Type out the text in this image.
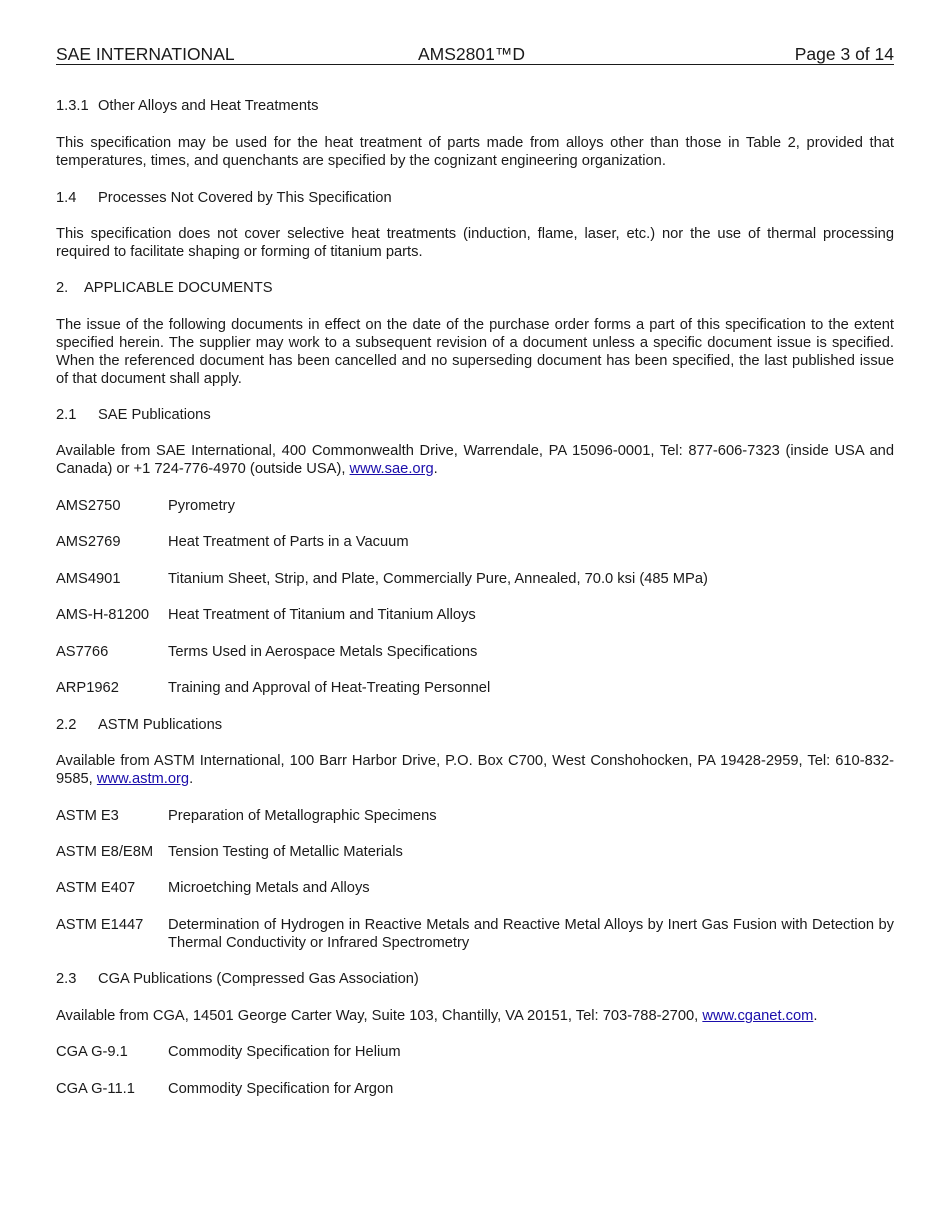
SAE INTERNATIONAL	AMS2801™D	Page 3 of 14
1.3.1 Other Alloys and Heat Treatments
This specification may be used for the heat treatment of parts made from alloys other than those in Table 2, provided that temperatures, times, and quenchants are specified by the cognizant engineering organization.
1.4 Processes Not Covered by This Specification
This specification does not cover selective heat treatments (induction, flame, laser, etc.) nor the use of thermal processing required to facilitate shaping or forming of titanium parts.
2. APPLICABLE DOCUMENTS
The issue of the following documents in effect on the date of the purchase order forms a part of this specification to the extent specified herein. The supplier may work to a subsequent revision of a document unless a specific document issue is specified. When the referenced document has been cancelled and no superseding document has been specified, the last published issue of that document shall apply.
2.1 SAE Publications
Available from SAE International, 400 Commonwealth Drive, Warrendale, PA 15096-0001, Tel: 877-606-7323 (inside USA and Canada) or +1 724-776-4970 (outside USA), www.sae.org.
AMS2750	Pyrometry
AMS2769	Heat Treatment of Parts in a Vacuum
AMS4901	Titanium Sheet, Strip, and Plate, Commercially Pure, Annealed, 70.0 ksi (485 MPa)
AMS-H-81200 Heat Treatment of Titanium and Titanium Alloys
AS7766	Terms Used in Aerospace Metals Specifications
ARP1962	Training and Approval of Heat-Treating Personnel
2.2 ASTM Publications
Available from ASTM International, 100 Barr Harbor Drive, P.O. Box C700, West Conshohocken, PA 19428-2959, Tel: 610-832-9585, www.astm.org.
ASTM E3	Preparation of Metallographic Specimens
ASTM E8/E8M Tension Testing of Metallic Materials
ASTM E407 Microetching Metals and Alloys
ASTM E1447 Determination of Hydrogen in Reactive Metals and Reactive Metal Alloys by Inert Gas Fusion with Detection by Thermal Conductivity or Infrared Spectrometry
2.3 CGA Publications (Compressed Gas Association)
Available from CGA, 14501 George Carter Way, Suite 103, Chantilly, VA 20151, Tel: 703-788-2700, www.cganet.com.
CGA G-9.1	Commodity Specification for Helium
CGA G-11.1 Commodity Specification for Argon
